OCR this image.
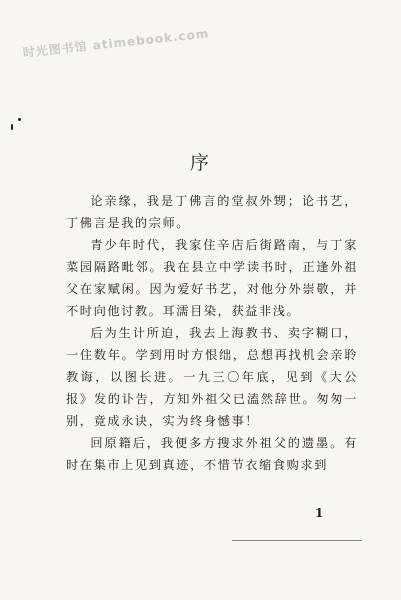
时光图书馆 atimebook.com
序

论亲缘，我是丁佛言的堂叔外甥；论书艺，丁佛言是我的宗师。

青少年时代，我家住辛店后街路南，与丁家菜园隔路毗邻。我在县立中学读书时，正逢外祖父在家赋闲。因为爱好书艺，对他分外崇敬，并不时向他讨教。耳濡目染，获益非浅。

后为生计所迫，我去上海教书、卖字糊口，一住数年。学到用时方恨绌，总想再找机会亲聆教诲，以图长进。一九三〇年底，见到《大公报》发的讣告，方知外祖父已溘然辞世。匆匆一别，竟成永诀，实为终身憾事！

回原籍后，我便多方搜求外祖父的遗墨。有时在集市上见到真迹，不惜节衣缩食购求到

1
